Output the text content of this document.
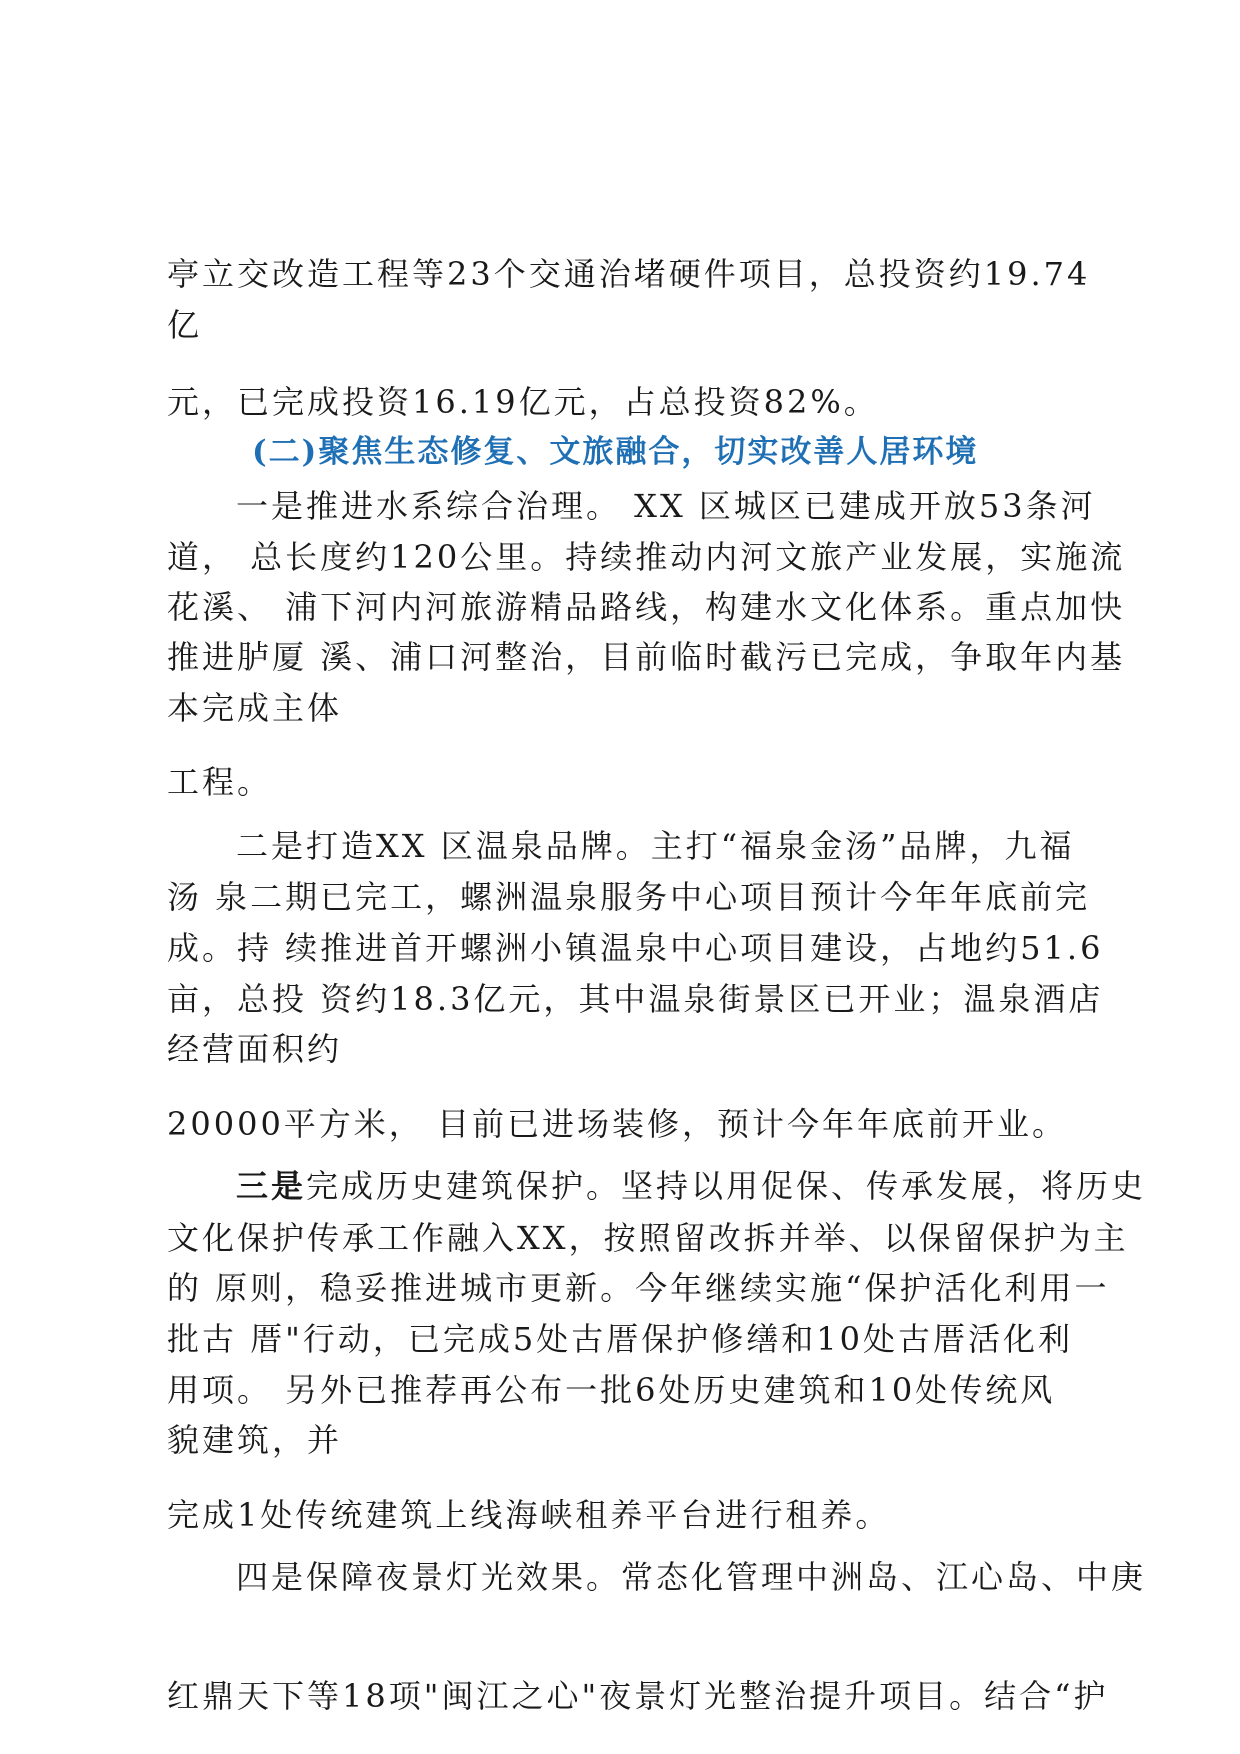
亭立交改造工程等23个交通治堵硬件项目，总投资约19.74
亿
元，已完成投资16.19亿元，占总投资82%。
(二)聚焦生态修复、文旅融合，切实改善人居环境
一是推进水系综合治理。 XX 区城区已建成开放53条河
道， 总长度约120公里。持续推动内河文旅产业发展，实施流
花溪、 浦下河内河旅游精品路线，构建水文化体系。重点加快
推进胪厦 溪、浦口河整治，目前临时截污已完成，争取年内基
本完成主体
工程。
二是打造XX 区温泉品牌。主打“福泉金汤”品牌，九福
汤 泉二期已完工，螺洲温泉服务中心项目预计今年年底前完
成。持 续推进首开螺洲小镇温泉中心项目建设，占地约51.6
亩，总投 资约18.3亿元，其中温泉街景区已开业；温泉酒店
经营面积约
20000平方米， 目前已进场装修，预计今年年底前开业。
三是完成历史建筑保护。坚持以用促保、传承发展，将历史
文化保护传承工作融入XX，按照留改拆并举、以保留保护为主
的 原则，稳妥推进城市更新。今年继续实施“保护活化利用一
批古 厝"行动，已完成5处古厝保护修缮和10处古厝活化利
用项。 另外已推荐再公布一批6处历史建筑和10处传统风
貌建筑，并
完成1处传统建筑上线海峡租养平台进行租养。
四是保障夜景灯光效果。常态化管理中洲岛、江心岛、中庚
红鼎天下等18项"闽江之心"夜景灯光整治提升项目。结合“护
